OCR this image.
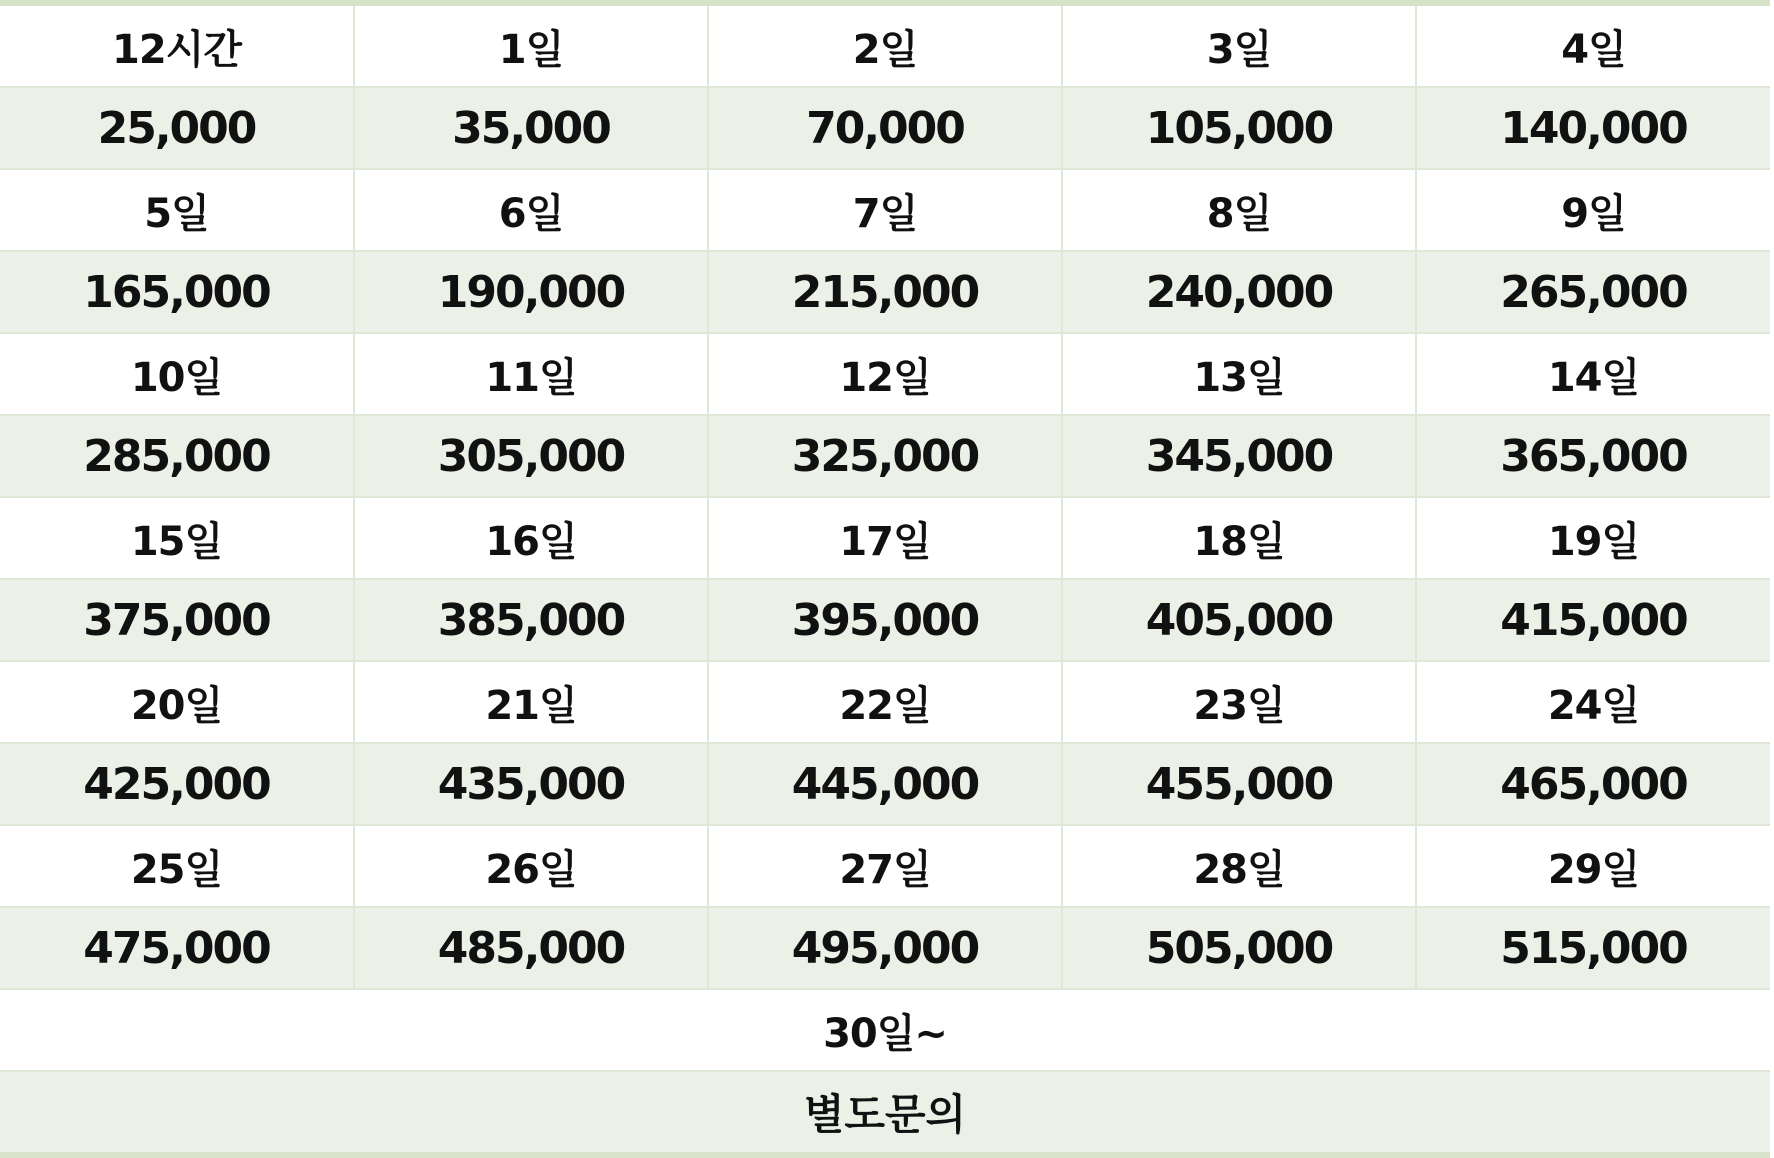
12시간	1일	2일	3일	4일
25,000	35,000	70,000	105,000	140,000
5일	6일	7일	8일	9일
165,000	190,000	215,000	240,000	265,000
10일	11일	12일	13일	14일
285,000	305,000	325,000	345,000	365,000
15일	16일	17일	18일	19일
375,000	385,000	395,000	405,000	415,000
20일	21일	22일	23일	24일
425,000	435,000	445,000	455,000	465,000
25일	26일	27일	28일	29일
475,000	485,000	495,000	505,000	515,000
30일~				
별도문의				
